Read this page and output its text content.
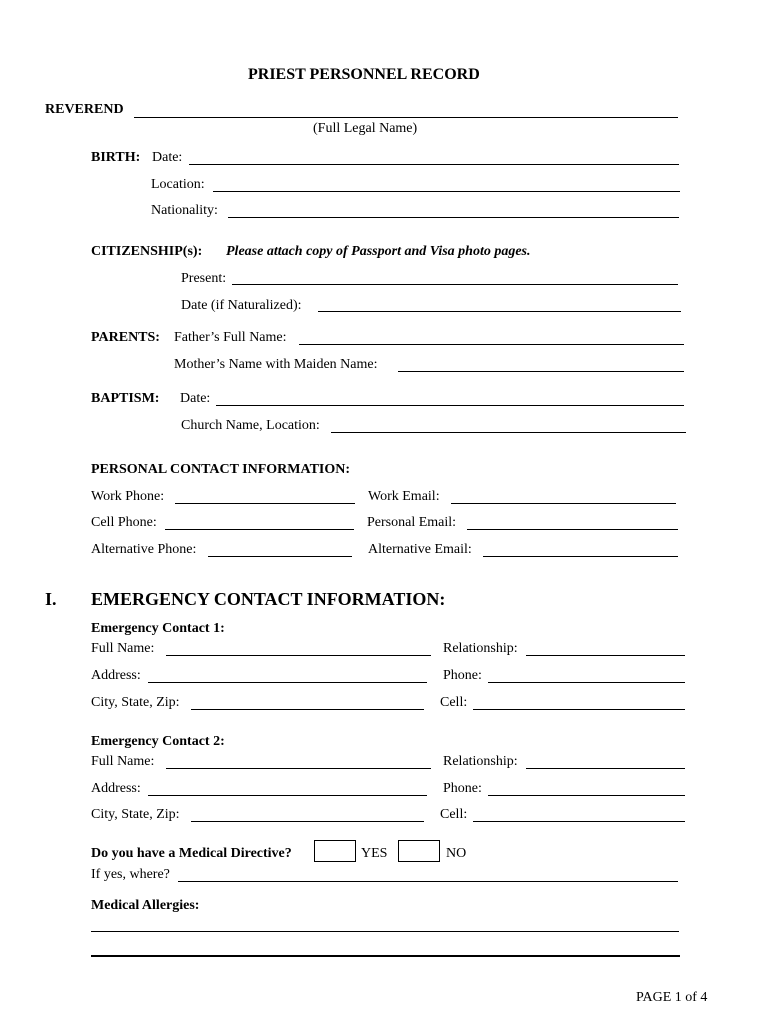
PRIEST PERSONNEL RECORD
REVEREND
(Full Legal Name)
BIRTH: Date:
Location:
Nationality:
CITIZENSHIP(s): Please attach copy of Passport and Visa photo pages.
Present:
Date (if Naturalized):
PARENTS: Father’s Full Name:
Mother’s Name with Maiden Name:
BAPTISM: Date:
Church Name, Location:
PERSONAL CONTACT INFORMATION:
Work Phone:	Work Email:
Cell Phone:	Personal Email:
Alternative Phone:	Alternative Email:
I. EMERGENCY CONTACT INFORMATION:
Emergency Contact 1:
Full Name:	Relationship:
Address:	Phone:
City, State, Zip:	Cell:
Emergency Contact 2:
Full Name:	Relationship:
Address:	Phone:
City, State, Zip:	Cell:
Do you have a Medical Directive?	YES	NO
If yes, where?
Medical Allergies:
PAGE 1 of 4
